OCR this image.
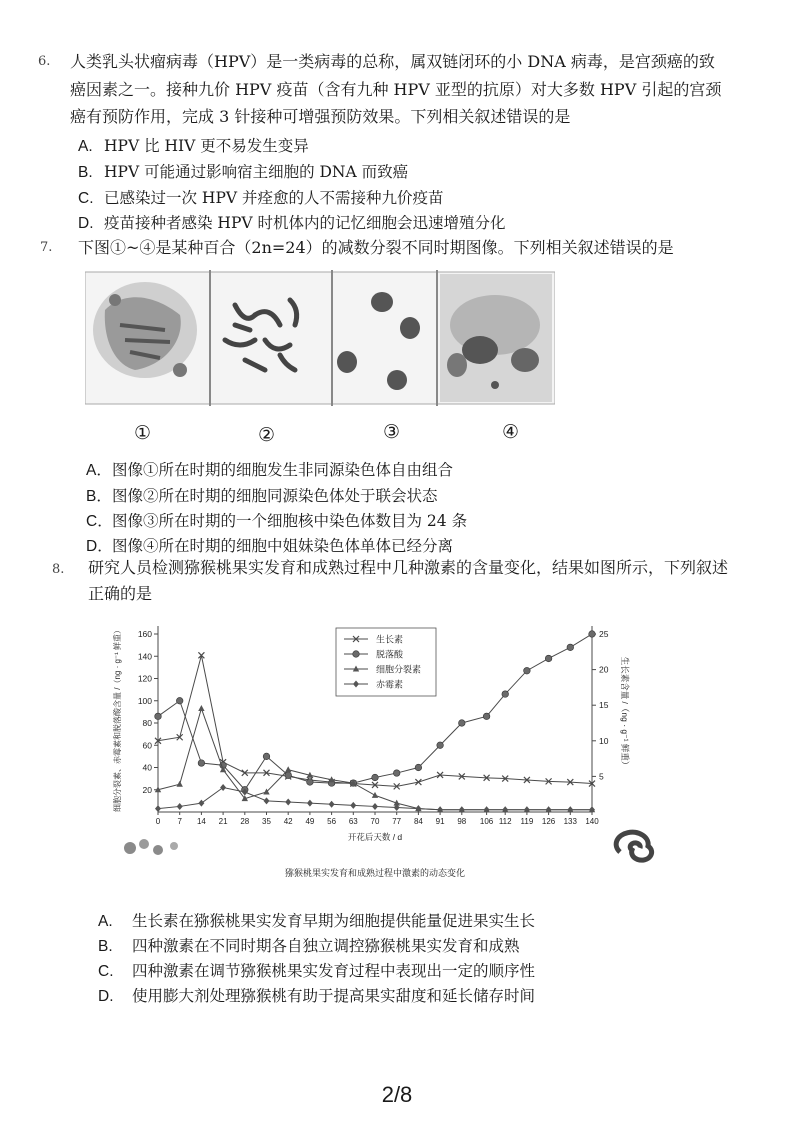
6. 人类乳头状瘤病毒（HPV）是一类病毒的总称，属双链闭环的小 DNA 病毒，是宫颈癌的致
癌因素之一。接种九价 HPV 疫苗（含有九种 HPV 亚型的抗原）对大多数 HPV 引起的宫颈
癌有预防作用，完成 3 针接种可增强预防效果。下列相关叙述错误的是
A. HPV 比 HIV 更不易发生变异
B. HPV 可能通过影响宿主细胞的 DNA 而致癌
C. 已感染过一次 HPV 并痊愈的人不需接种九价疫苗
D. 疫苗接种者感染 HPV 时机体内的记忆细胞会迅速增殖分化
7. 下图①~④是某种百合（2n=24）的减数分裂不同时期图像。下列相关叙述错误的是
①	②	③	④
A．图像①所在时期的细胞发生非同源染色体自由组合
B．图像②所在时期的细胞同源染色体处于联会状态
C．图像③所在时期的一个细胞核中染色体数目为 24 条
D．图像④所在时期的细胞中姐妹染色体单体已经分离
8. 研究人员检测猕猴桃果实发育和成熟过程中几种激素的含量变化，结果如图所示，下列叙述
正确的是
20
40
60
80
100
120
140
160
5
10
15
20
25
0 7 14 21 28 35 42 49 56 63 70 77 84 91 98 106 112 119 126 133 140
开花后天数 / d
细胞分裂素、赤霉素和脱落酸含量 /（ng · g⁻¹ 鲜重）	生长素含量 /（ng · g⁻¹ 鲜重）
生长素
脱落酸
细胞分裂素
赤霉素
猕猴桃果实发育和成熟过程中激素的动态变化
A. 生长素在猕猴桃果实发育早期为细胞提供能量促进果实生长
B. 四种激素在不同时期各自独立调控猕猴桃果实发育和成熟
C. 四种激素在调节猕猴桃果实发育过程中表现出一定的顺序性
D. 使用膨大剂处理猕猴桃有助于提高果实甜度和延长储存时间
2/8
